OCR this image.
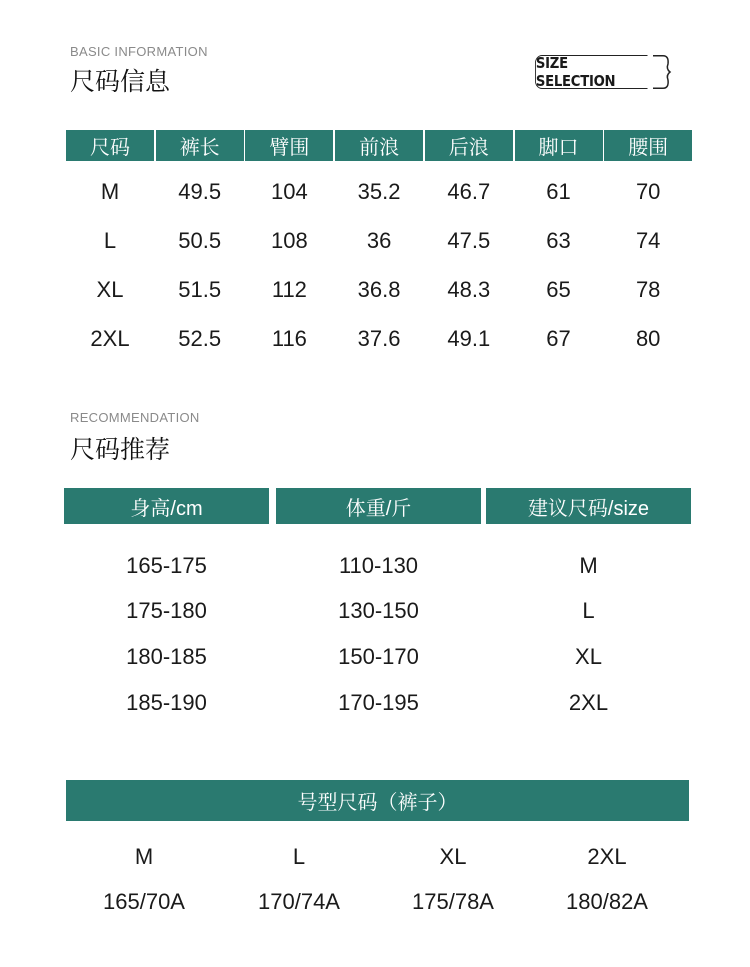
BASIC INFORMATION
尺码信息
SIZE SELECTION
尺码	裤长	臂围	前浪	后浪	脚口	腰围
M	49.5	104	35.2	46.7	61	70
L	50.5	108	36	47.5	63	74
XL	51.5	112	36.8	48.3	65	78
2XL	52.5	116	37.6	49.1	67	80
RECOMMENDATION
尺码推荐
身高/cm	体重/斤	建议尺码/size
165-175	110-130	M
175-180	130-150	L
180-185	150-170	XL
185-190	170-195	2XL
号型尺码（裤子）
M	L	XL	2XL
165/70A	170/74A	175/78A	180/82A
